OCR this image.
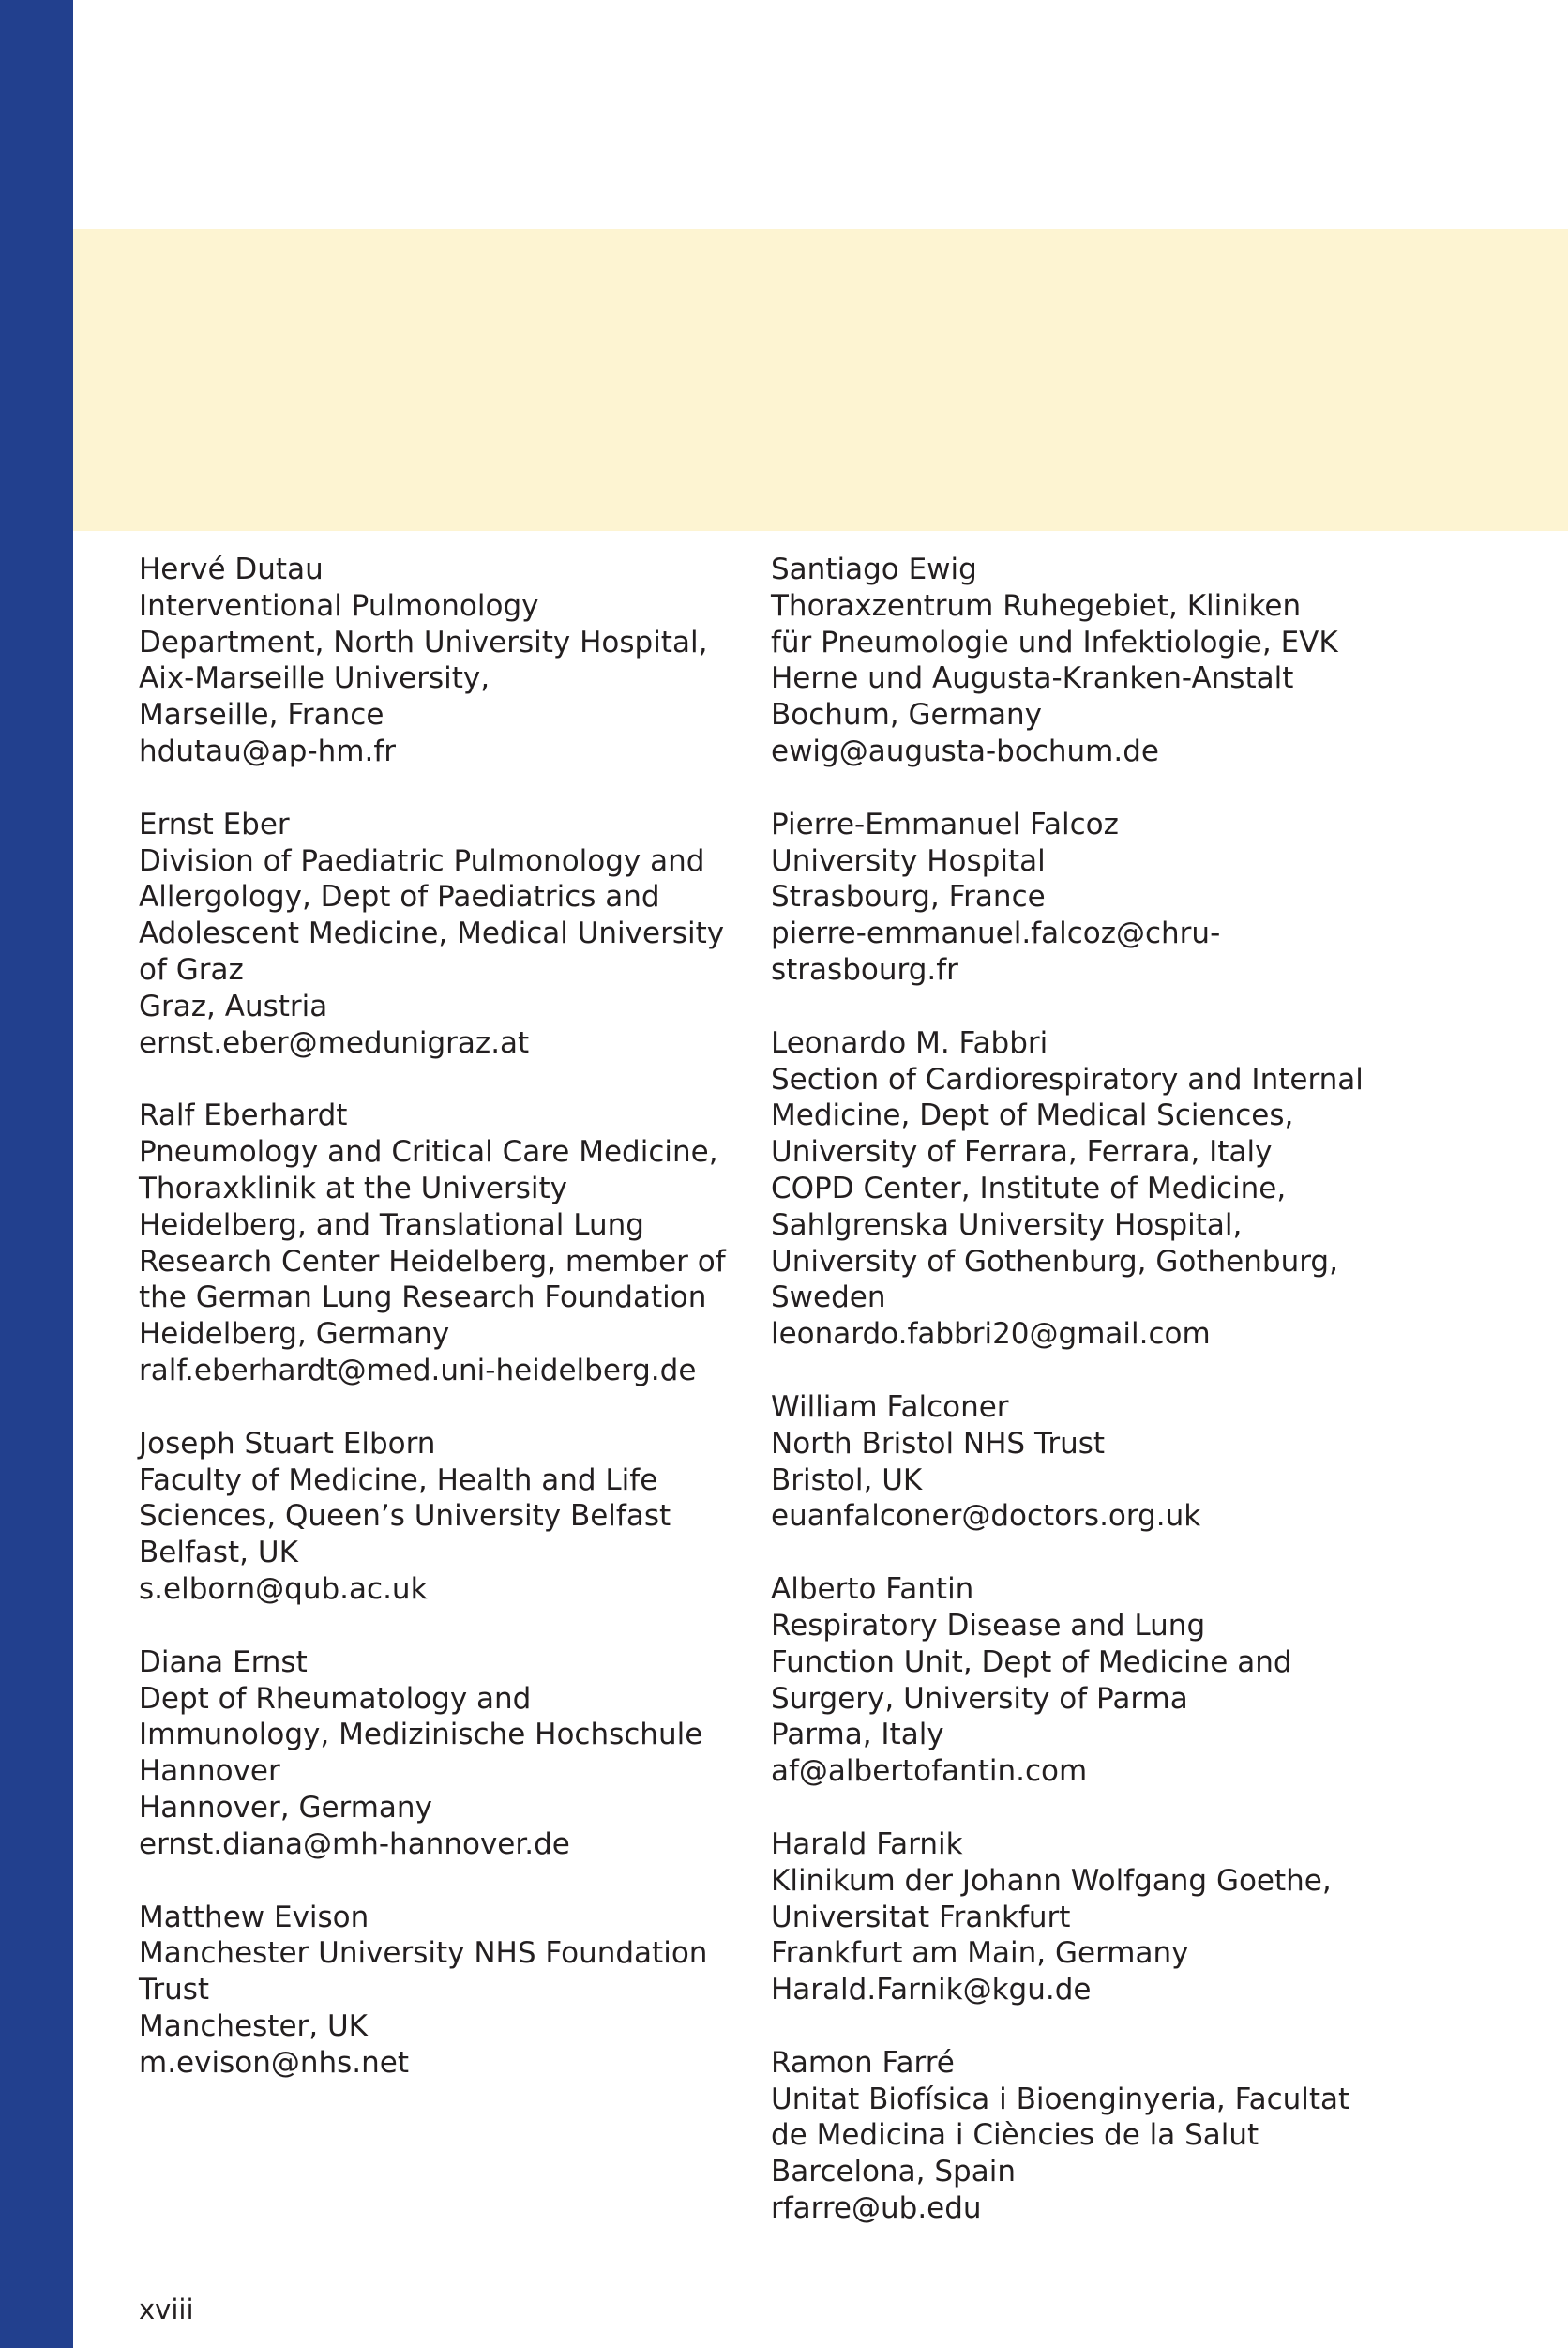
Hervé Dutau
Interventional Pulmonology
Department, North University Hospital,
Aix-Marseille University,
Marseille, France
hdutau@ap-hm.fr
Ernst Eber
Division of Paediatric Pulmonology and
Allergology, Dept of Paediatrics and
Adolescent Medicine, Medical University
of Graz
Graz, Austria
ernst.eber@medunigraz.at
Ralf Eberhardt
Pneumology and Critical Care Medicine,
Thoraxklinik at the University
Heidelberg, and Translational Lung
Research Center Heidelberg, member of
the German Lung Research Foundation
Heidelberg, Germany
ralf.eberhardt@med.uni-heidelberg.de
Joseph Stuart Elborn
Faculty of Medicine, Health and Life
Sciences, Queen’s University Belfast
Belfast, UK
s.elborn@qub.ac.uk
Diana Ernst
Dept of Rheumatology and
Immunology, Medizinische Hochschule
Hannover
Hannover, Germany
ernst.diana@mh-hannover.de
Matthew Evison
Manchester University NHS Foundation
Trust
Manchester, UK
m.evison@nhs.net
Santiago Ewig
Thoraxzentrum Ruhegebiet, Kliniken
für Pneumologie und Infektiologie, EVK
Herne und Augusta-Kranken-Anstalt
Bochum, Germany
ewig@augusta-bochum.de
Pierre-Emmanuel Falcoz
University Hospital
Strasbourg, France
pierre-emmanuel.falcoz@chru-
strasbourg.fr
Leonardo M. Fabbri
Section of Cardiorespiratory and Internal
Medicine, Dept of Medical Sciences,
University of Ferrara, Ferrara, Italy
COPD Center, Institute of Medicine,
Sahlgrenska University Hospital,
University of Gothenburg, Gothenburg,
Sweden
leonardo.fabbri20@gmail.com
William Falconer
North Bristol NHS Trust
Bristol, UK
euanfalconer@doctors.org.uk
Alberto Fantin
Respiratory Disease and Lung
Function Unit, Dept of Medicine and
Surgery, University of Parma
Parma, Italy
af@albertofantin.com
Harald Farnik
Klinikum der Johann Wolfgang Goethe,
Universitat Frankfurt
Frankfurt am Main, Germany
Harald.Farnik@kgu.de
Ramon Farré
Unitat Biofísica i Bioenginyeria, Facultat
de Medicina i Ciències de la Salut
Barcelona, Spain
rfarre@ub.edu
xviii
